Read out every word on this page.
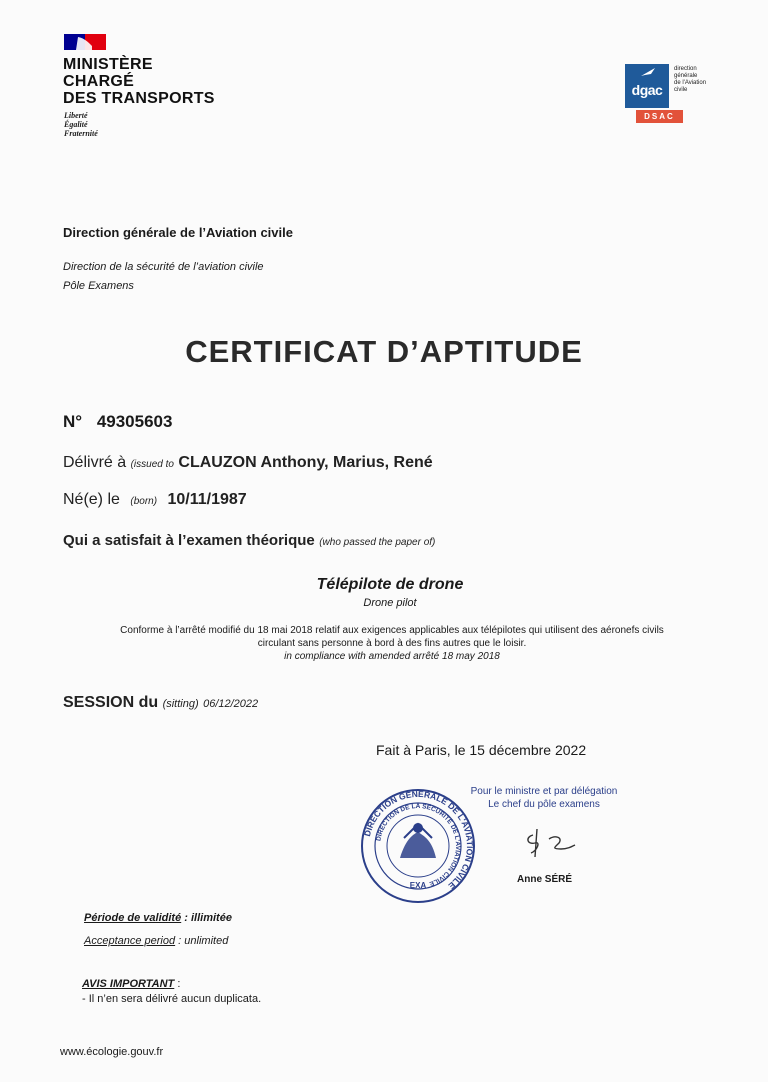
MINISTÈRE
CHARGÉ
DES TRANSPORTS
Liberté
Égalité
Fraternité
dgac
direction
générale
de l'Aviation
civile
DSAC
Direction générale de l’Aviation civile
Direction de la sécurité de l’aviation civile
Pôle Examens
CERTIFICAT D’APTITUDE
N° 49305603
Délivré à (issued to CLAUZON Anthony, Marius, René
Né(e) le (born) 10/11/1987
Qui a satisfait à l’examen théorique (who passed the paper of)
Télépilote de drone
Drone pilot
Conforme à l’arrêté modifié du 18 mai 2018 relatif aux exigences applicables aux télépilotes qui utilisent des aéronefs civils
circulant sans personne à bord à des fins autres que le loisir.
in compliance with amended arrêté 18 may 2018
SESSION du (sitting) 06/12/2022
Fait à Paris, le 15 décembre 2022
DIRECTION GÉNÉRALE DE L'AVIATION CIVILE
DIRECTION DE LA SÉCURITÉ DE L'AVIATION CIVILE
EXA
Pour le ministre et par délégation
Le chef du pôle examens
Anne SÉRÉ
Période de validité : illimitée
Acceptance period : unlimited
AVIS IMPORTANT :
- Il n’en sera délivré aucun duplicata.
www.écologie.gouv.fr
